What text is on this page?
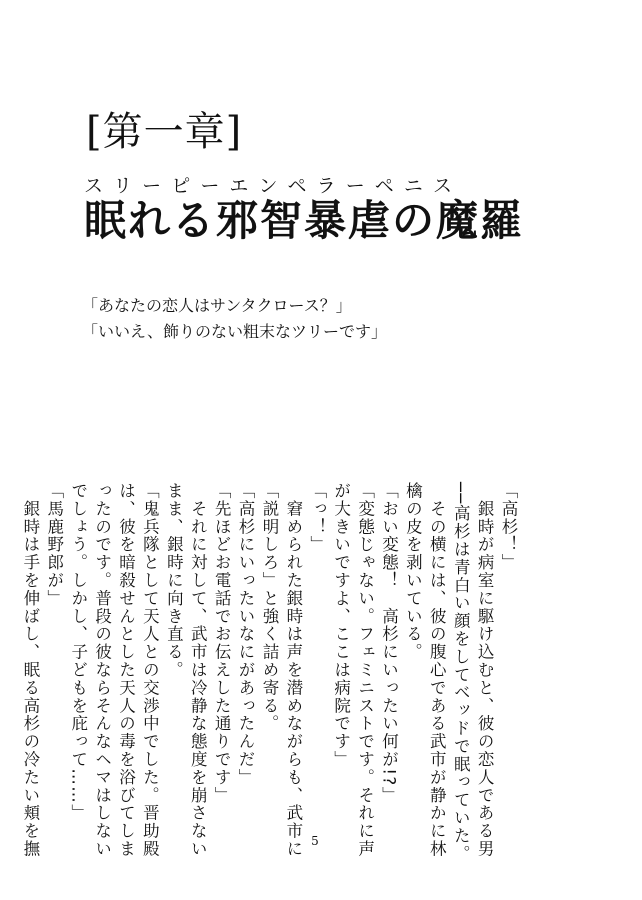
[第一章]
ス リ ー ピ ー エ ン ペ ラ ー ペ ニ ス
眠れる邪智暴虐の魔羅
「あなたの恋人はサンタクロース？」
「いいえ、飾りのない粗末なツリーです」
「高杉！」
　銀時が病室に駆け込むと、彼の恋人である男
──高杉は青白い顔をしてベッドで眠っていた。
　その横には、彼の腹心である武市が静かに林
檎の皮を剥いている。
「おい変態！　高杉にいったい何が!?」
「変態じゃない。フェミニストです。それに声
が大きいですよ、ここは病院です」
「っ！」
　窘められた銀時は声を潜めながらも、武市に
「説明しろ」と強く詰め寄る。
「高杉にいったいなにがあったんだ」
「先ほどお電話でお伝えした通りです」
　それに対して、武市は冷静な態度を崩さない
まま、銀時に向き直る。
「鬼兵隊として天人との交渉中でした。晋助殿
は、彼を暗殺せんとした天人の毒を浴びてしま
ったのです。普段の彼ならそんなヘマはしない
でしょう。しかし、子どもを庇って……」
「馬鹿野郎が」
　銀時は手を伸ばし、眠る高杉の冷たい頬を撫	5
